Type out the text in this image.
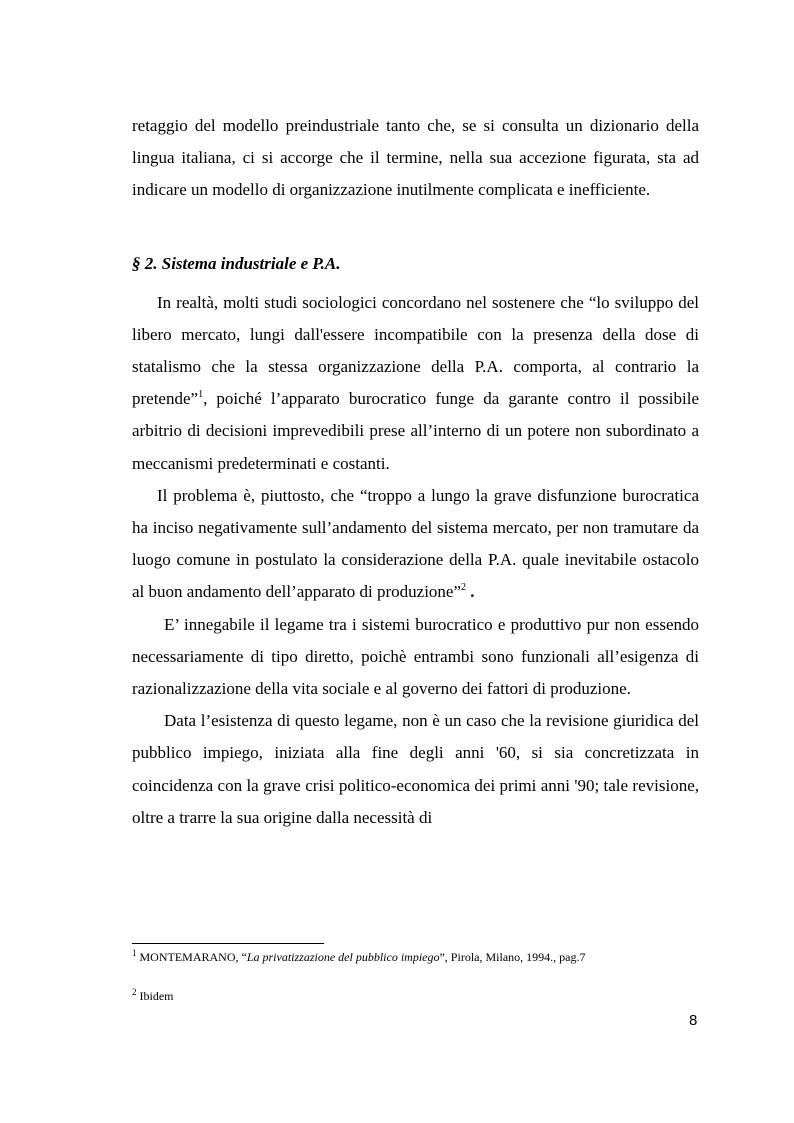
retaggio del modello preindustriale tanto che, se si consulta un dizionario della lingua italiana, ci si accorge che il termine, nella sua accezione figurata, sta ad indicare un modello di organizzazione inutilmente complicata e inefficiente.

§ 2. Sistema industriale e P.A.

In realtà, molti studi sociologici concordano nel sostenere che “lo sviluppo del libero mercato, lungi dall'essere incompatibile con la presenza della dose di statalismo che la stessa organizzazione della P.A. comporta, al contrario la pretende”$^1$, poiché l’apparato burocratico funge da garante contro il possibile arbitrio di decisioni imprevedibili prese all’interno di un potere non subordinato a meccanismi predeterminati e costanti.

Il problema è, piuttosto, che “troppo a lungo la grave disfunzione burocratica ha inciso negativamente sull’andamento del sistema mercato, per non tramutare da luogo comune in postulato la considerazione della P.A. quale inevitabile ostacolo al buon andamento dell’apparato di produzione”$^2$ .

E’ innegabile il legame tra i sistemi burocratico e produttivo pur non essendo necessariamente di tipo diretto, poichè entrambi sono funzionali all’esigenza di razionalizzazione della vita sociale e al governo dei fattori di produzione.

Data l’esistenza di questo legame, non è un caso che la revisione giuridica del pubblico impiego, iniziata alla fine degli anni '60, si sia concretizzata in coincidenza con la grave crisi politico-economica dei primi anni '90; tale revisione, oltre a trarre la sua origine dalla necessità di

$^1$ MONTEMARANO, “La privatizzazione del pubblico impiego”, Pirola, Milano, 1994., pag.7
$^2$ Ibidem
8
